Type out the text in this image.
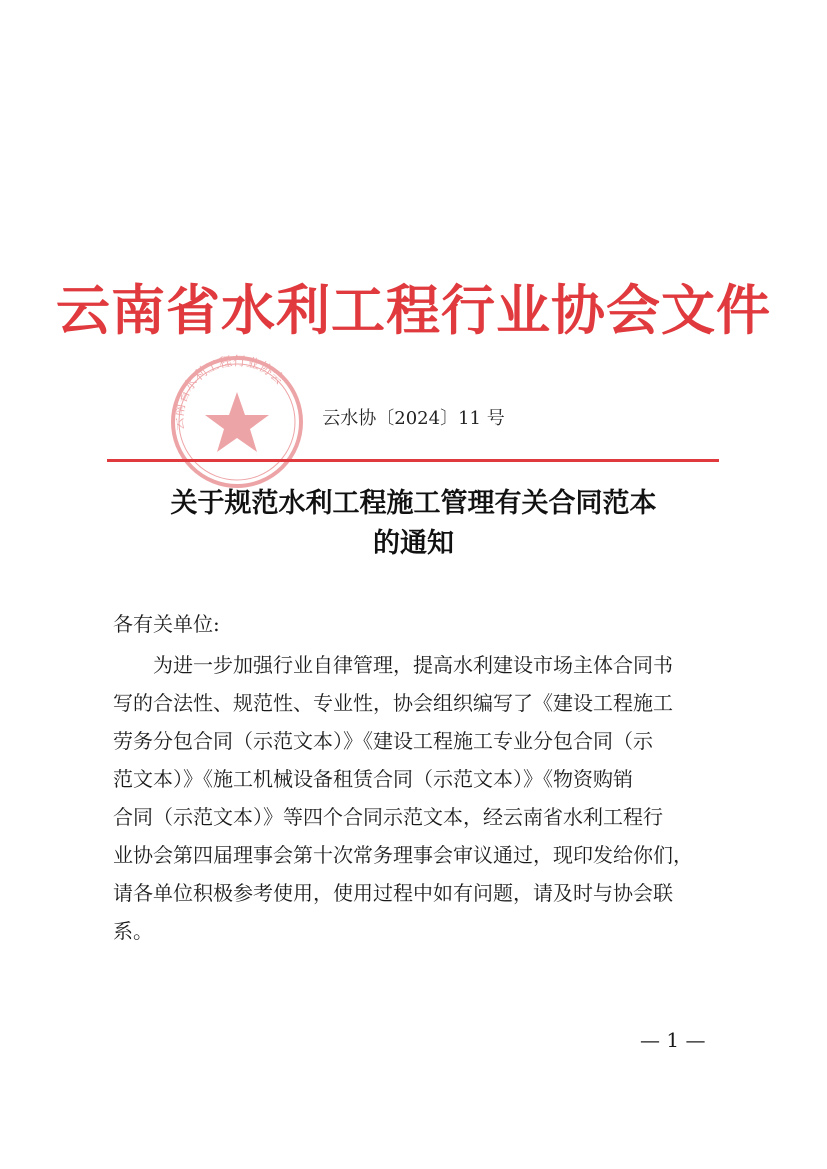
云南省水利工程行业协会文件
云南省水利工程行业协会
云水协〔2024〕11 号
关于规范水利工程施工管理有关合同范本
的通知
各有关单位:
为进一步加强行业自律管理，提高水利建设市场主体合同书
写的合法性、规范性、专业性，协会组织编写了《建设工程施工
劳务分包合同（示范文本）》《建设工程施工专业分包合同（示
范文本）》《施工机械设备租赁合同（示范文本）》《物资购销
合同（示范文本）》等四个合同示范文本，经云南省水利工程行
业协会第四届理事会第十次常务理事会审议通过，现印发给你们，
请各单位积极参考使用，使用过程中如有问题，请及时与协会联
系。
— 1 —
